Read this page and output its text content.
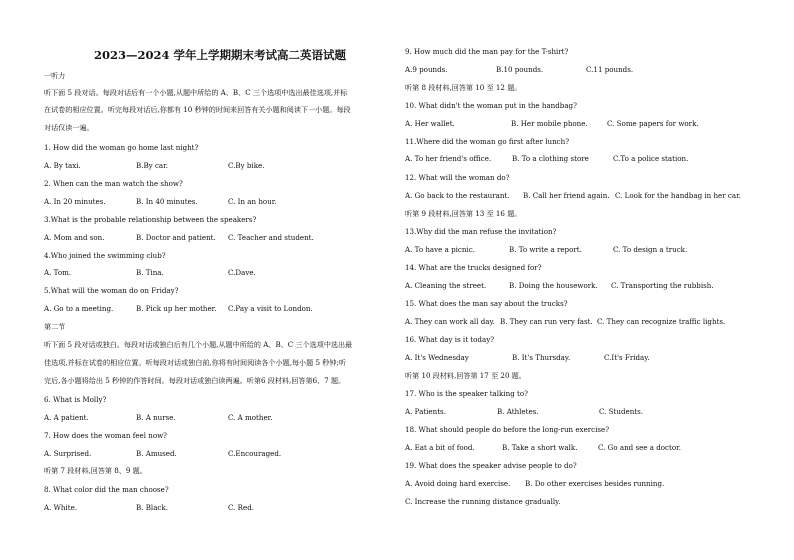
2023—2024 学年上学期期末考试高二英语试题
一听力
听下面 5 段对话。每段对话后有一个小题,从题中所给的 A、B、C 三个选项中选出最佳选项,并标
在试卷的相应位置。听完每段对话后,你都有 10 秒钟的时间来回答有关小题和阅读下一小题。每段
对话仅读一遍。
1. How did the woman go home last night?
A. By taxi.	B.By car.	C.By bike.
2. When can the man watch the show?
A. In 20 minutes.	B. In 40 minutes.	C. In an hour.
3.What is the probable relationship between the speakers?
A. Mom and son.	B. Doctor and patient. C. Teacher and student.
4.Who joined the swimming club?
A. Tom.	B. Tina.	C.Dave.
5.What will the woman do on Friday?
A. Go to a meeting.	B. Pick up her mother. C.Pay a visit to London.
第二节
听下面 5 段对话或独白。每段对话或独白后有几个小题,从题中所给的 A、B、C 三个选项中选出最
佳选项,并标在试卷的相应位置。听每段对话或独白前,你将有时间阅读各个小题,每小题 5 秒钟;听
完后,各小题将给出 5 秒钟的作答时间。每段对话或独白读两遍。听第6 段材料,回答第6、7 题。
6. What is Molly?
A. A patient.	B. A nurse.	C. A mother.
7. How does the woman feel now?
A. Surprised.	B. Amused.	C.Encouraged.
听第 7 段材料,回答第 8、9 题。
8. What color did the man choose?
A. White.	B. Black.	C. Red.
9. How much did the man pay for the T-shirt?
A.9 pounds.	B.10 pounds.	C.11 pounds.
听第 8 段材料,回答第 10 至 12 题。
10. What didn't the woman put in the handbag?
A. Her wallet.	B. Her mobile phone.	C. Some papers for work.
11.Where did the woman go first after lunch?
A. To her friend's office.	B. To a clothing store	C.To a police station.
12. What will the woman do?
A. Go back to the restaurant. B. Call her friend again. C. Look for the handbag in her car.
听第 9 段材料,回答第 13 至 16 题。
13.Why did the man refuse the invitation?
A. To have a picnic.	B. To write a report.	C. To design a truck.
14. What are the trucks designed for?
A. Cleaning the street.	B. Doing the housework. C. Transporting the rubbish.
15. What does the man say about the trucks?
A. They can work all day. B. They can run very fast. C. They can recognize traffic lights.
16. What day is it today?
A. It's Wednesday	B. It's Thursday.	C.It's Friday.
听第 10 段材料,回答第 17 至 20 题。
17. Who is the speaker talking to?
A. Patients.	B. Athletes.	C. Students.
18. What should people do before the long-run exercise?
A. Eat a bit of food.	B. Take a short walk.	C. Go and see a doctor.
19. What does the speaker advise people to do?
A. Avoid doing hard exercise. B. Do other exercises besides running.
C. Increase the running distance gradually.
